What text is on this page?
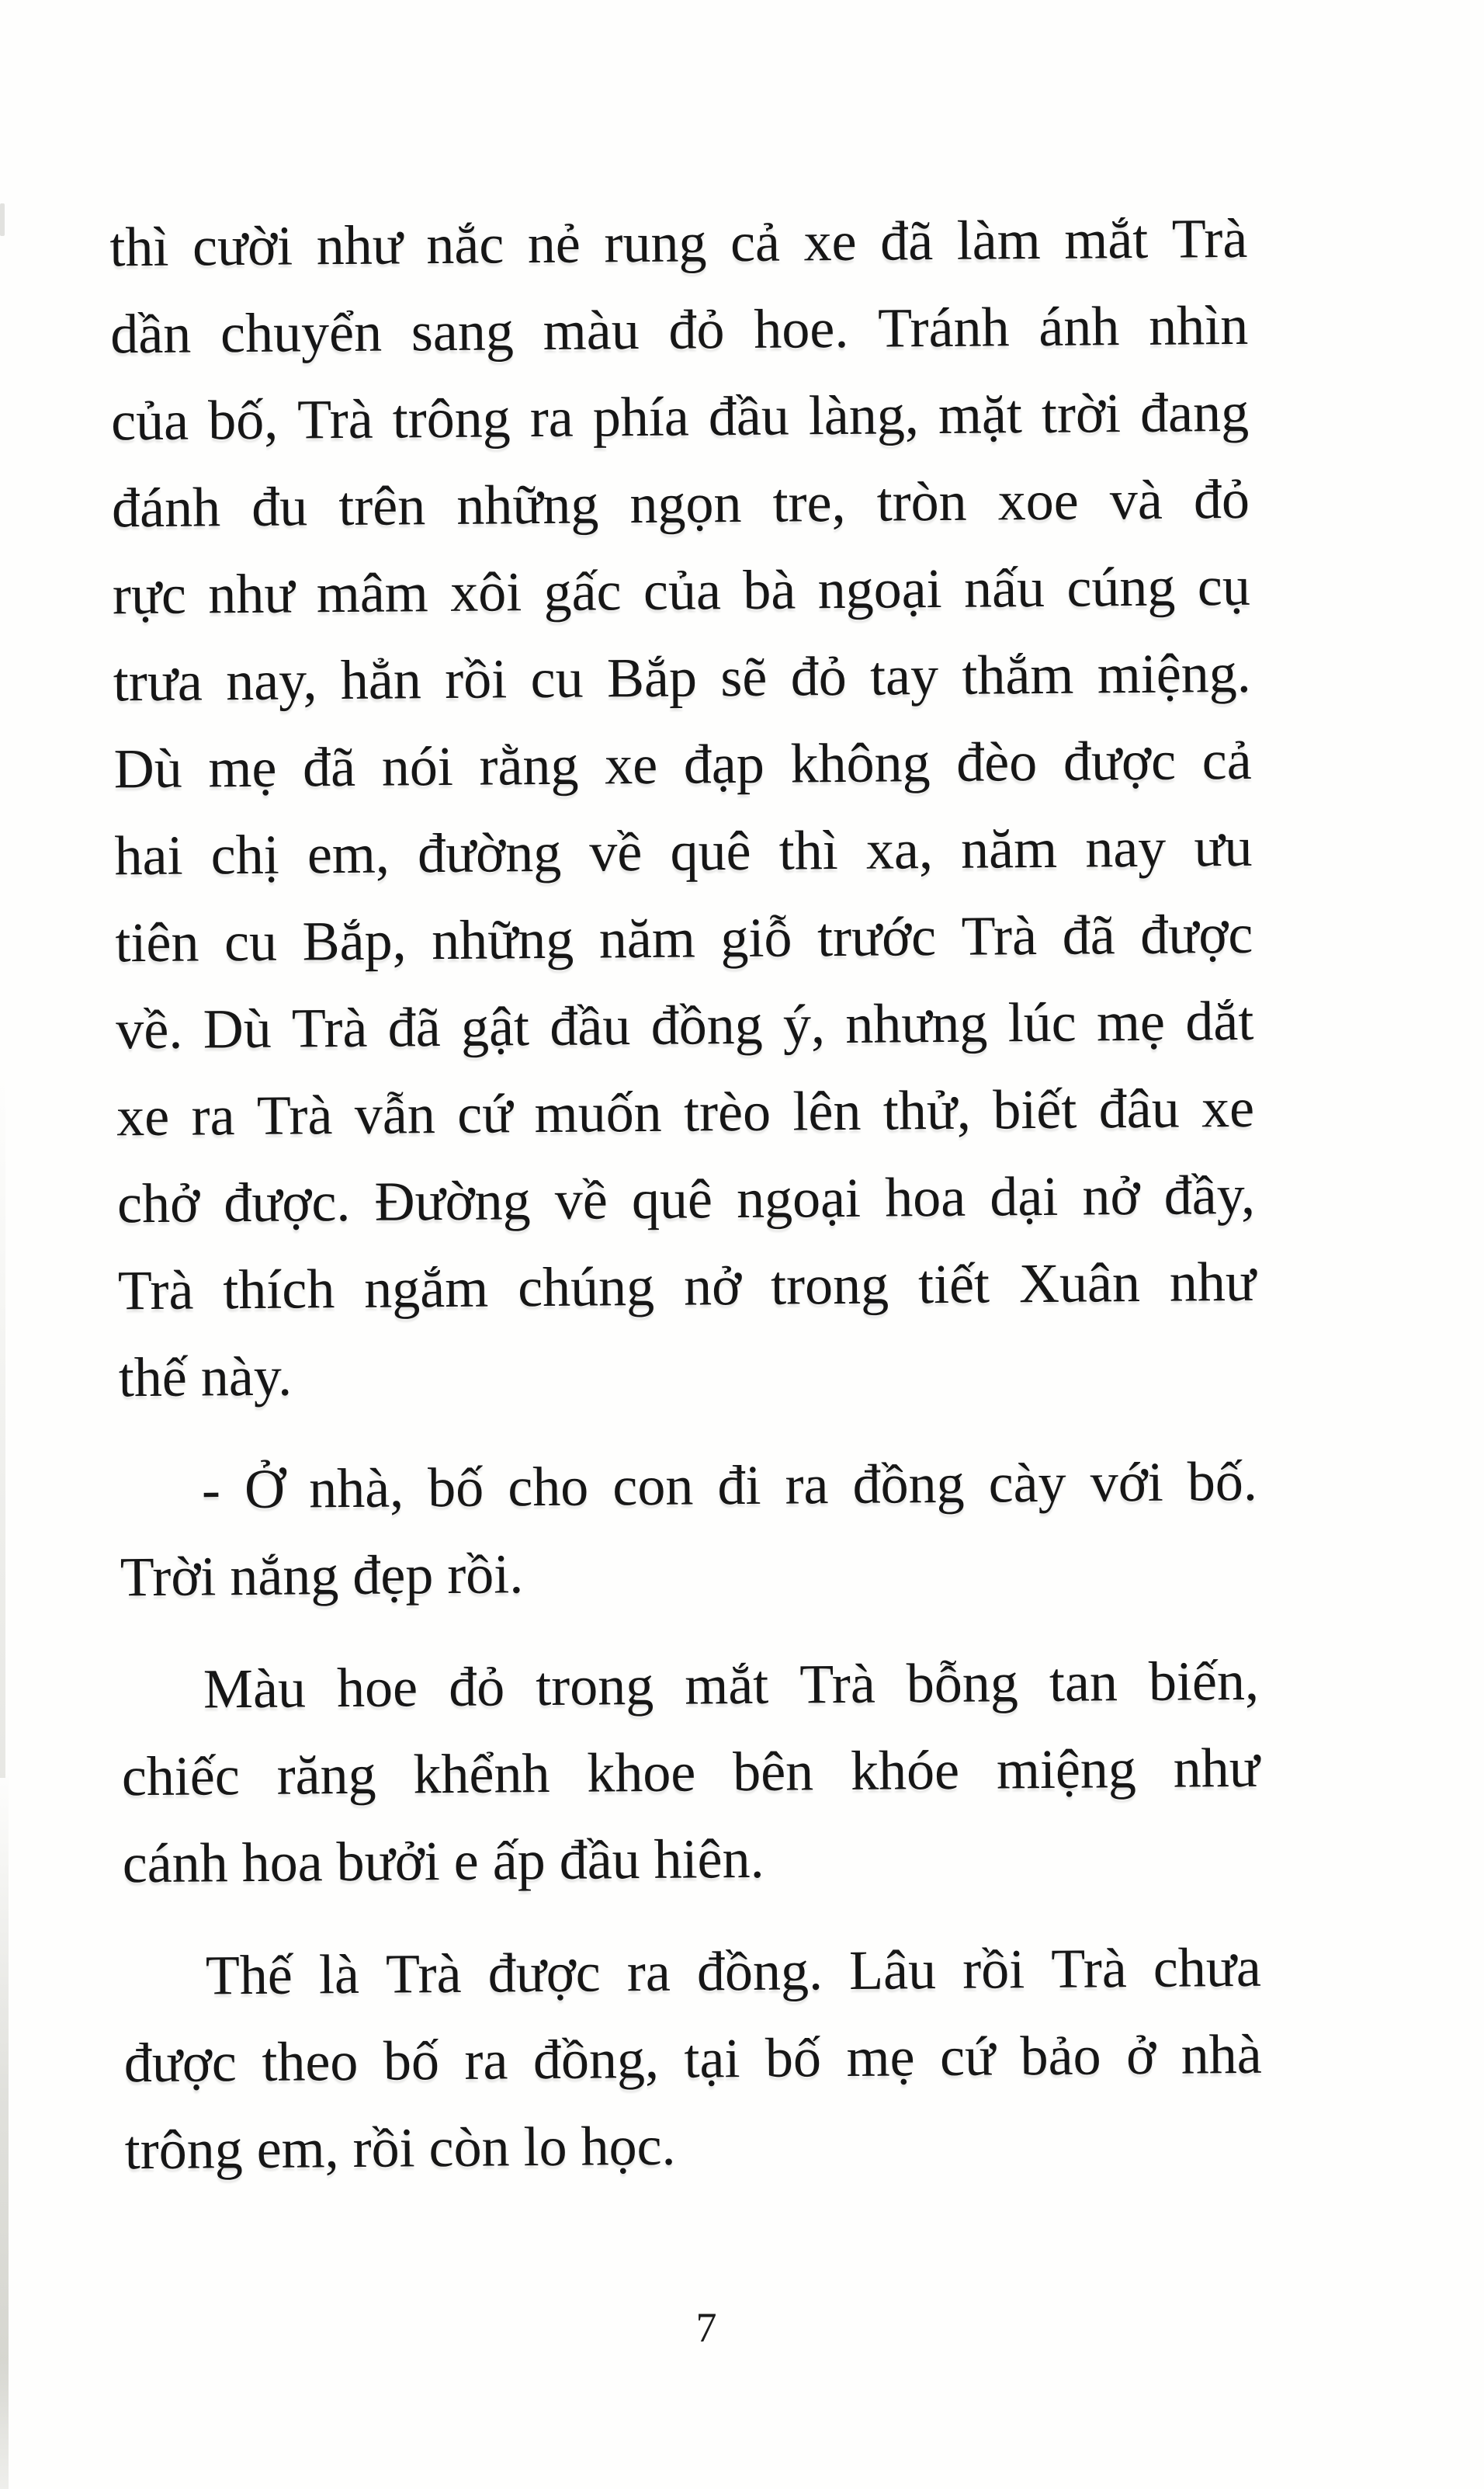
thì cười như nắc nẻ rung cả xe đã làm mắt Trà
dần chuyển sang màu đỏ hoe. Tránh ánh nhìn
của bố, Trà trông ra phía đầu làng, mặt trời đang
đánh đu trên những ngọn tre, tròn xoe và đỏ
rực như mâm xôi gấc của bà ngoại nấu cúng cụ
trưa nay, hẳn rồi cu Bắp sẽ đỏ tay thắm miệng.
Dù mẹ đã nói rằng xe đạp không đèo được cả
hai chị em, đường về quê thì xa, năm nay ưu
tiên cu Bắp, những năm giỗ trước Trà đã được
về. Dù Trà đã gật đầu đồng ý, nhưng lúc mẹ dắt
xe ra Trà vẫn cứ muốn trèo lên thử, biết đâu xe
chở được. Đường về quê ngoại hoa dại nở đầy,
Trà thích ngắm chúng nở trong tiết Xuân như
thế này.
- Ở nhà, bố cho con đi ra đồng cày với bố.
Trời nắng đẹp rồi.
Màu hoe đỏ trong mắt Trà bỗng tan biến,
chiếc răng khểnh khoe bên khóe miệng như
cánh hoa bưởi e ấp đầu hiên.
Thế là Trà được ra đồng. Lâu rồi Trà chưa
được theo bố ra đồng, tại bố mẹ cứ bảo ở nhà
trông em, rồi còn lo học.
7
